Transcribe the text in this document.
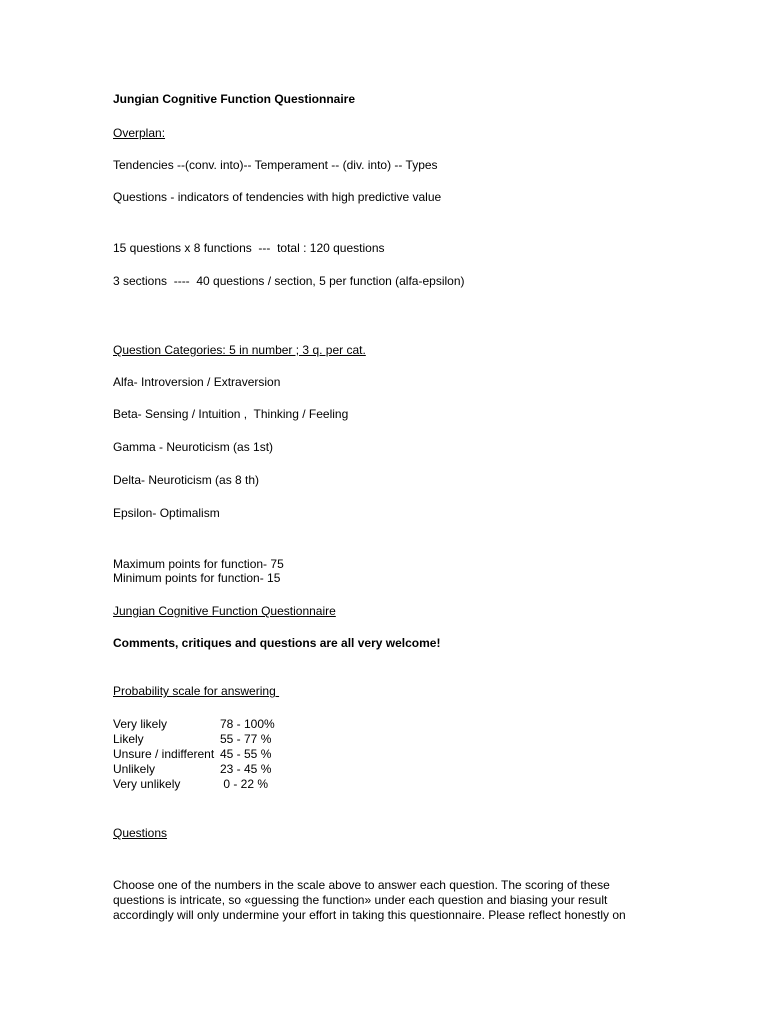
Jungian Cognitive Function Questionnaire
Overplan:
Tendencies --(conv. into)-- Temperament -- (div. into) -- Types
Questions - indicators of tendencies with high predictive value
15 questions x 8 functions  ---  total : 120 questions
3 sections  ----  40 questions / section, 5 per function (alfa-epsilon)
Question Categories: 5 in number ; 3 q. per cat.
Alfa- Introversion / Extraversion
Beta- Sensing / Intuition ,  Thinking / Feeling
Gamma - Neuroticism (as 1st)
Delta- Neuroticism (as 8 th)
Epsilon- Optimalism
Maximum points for function- 75
Minimum points for function- 15
Jungian Cognitive Function Questionnaire
Comments, critiques and questions are all very welcome!
Probability scale for answering
Very likely	78 - 100%
Likely	55 - 77 %
Unsure / indifferent	45 - 55 %
Unlikely	23 - 45 %
Very unlikely	0 - 22 %
Questions
Choose one of the numbers in the scale above to answer each question. The scoring of these questions is intricate, so «guessing the function» under each question and biasing your result accordingly will only undermine your effort in taking this questionnaire. Please reflect honestly on
